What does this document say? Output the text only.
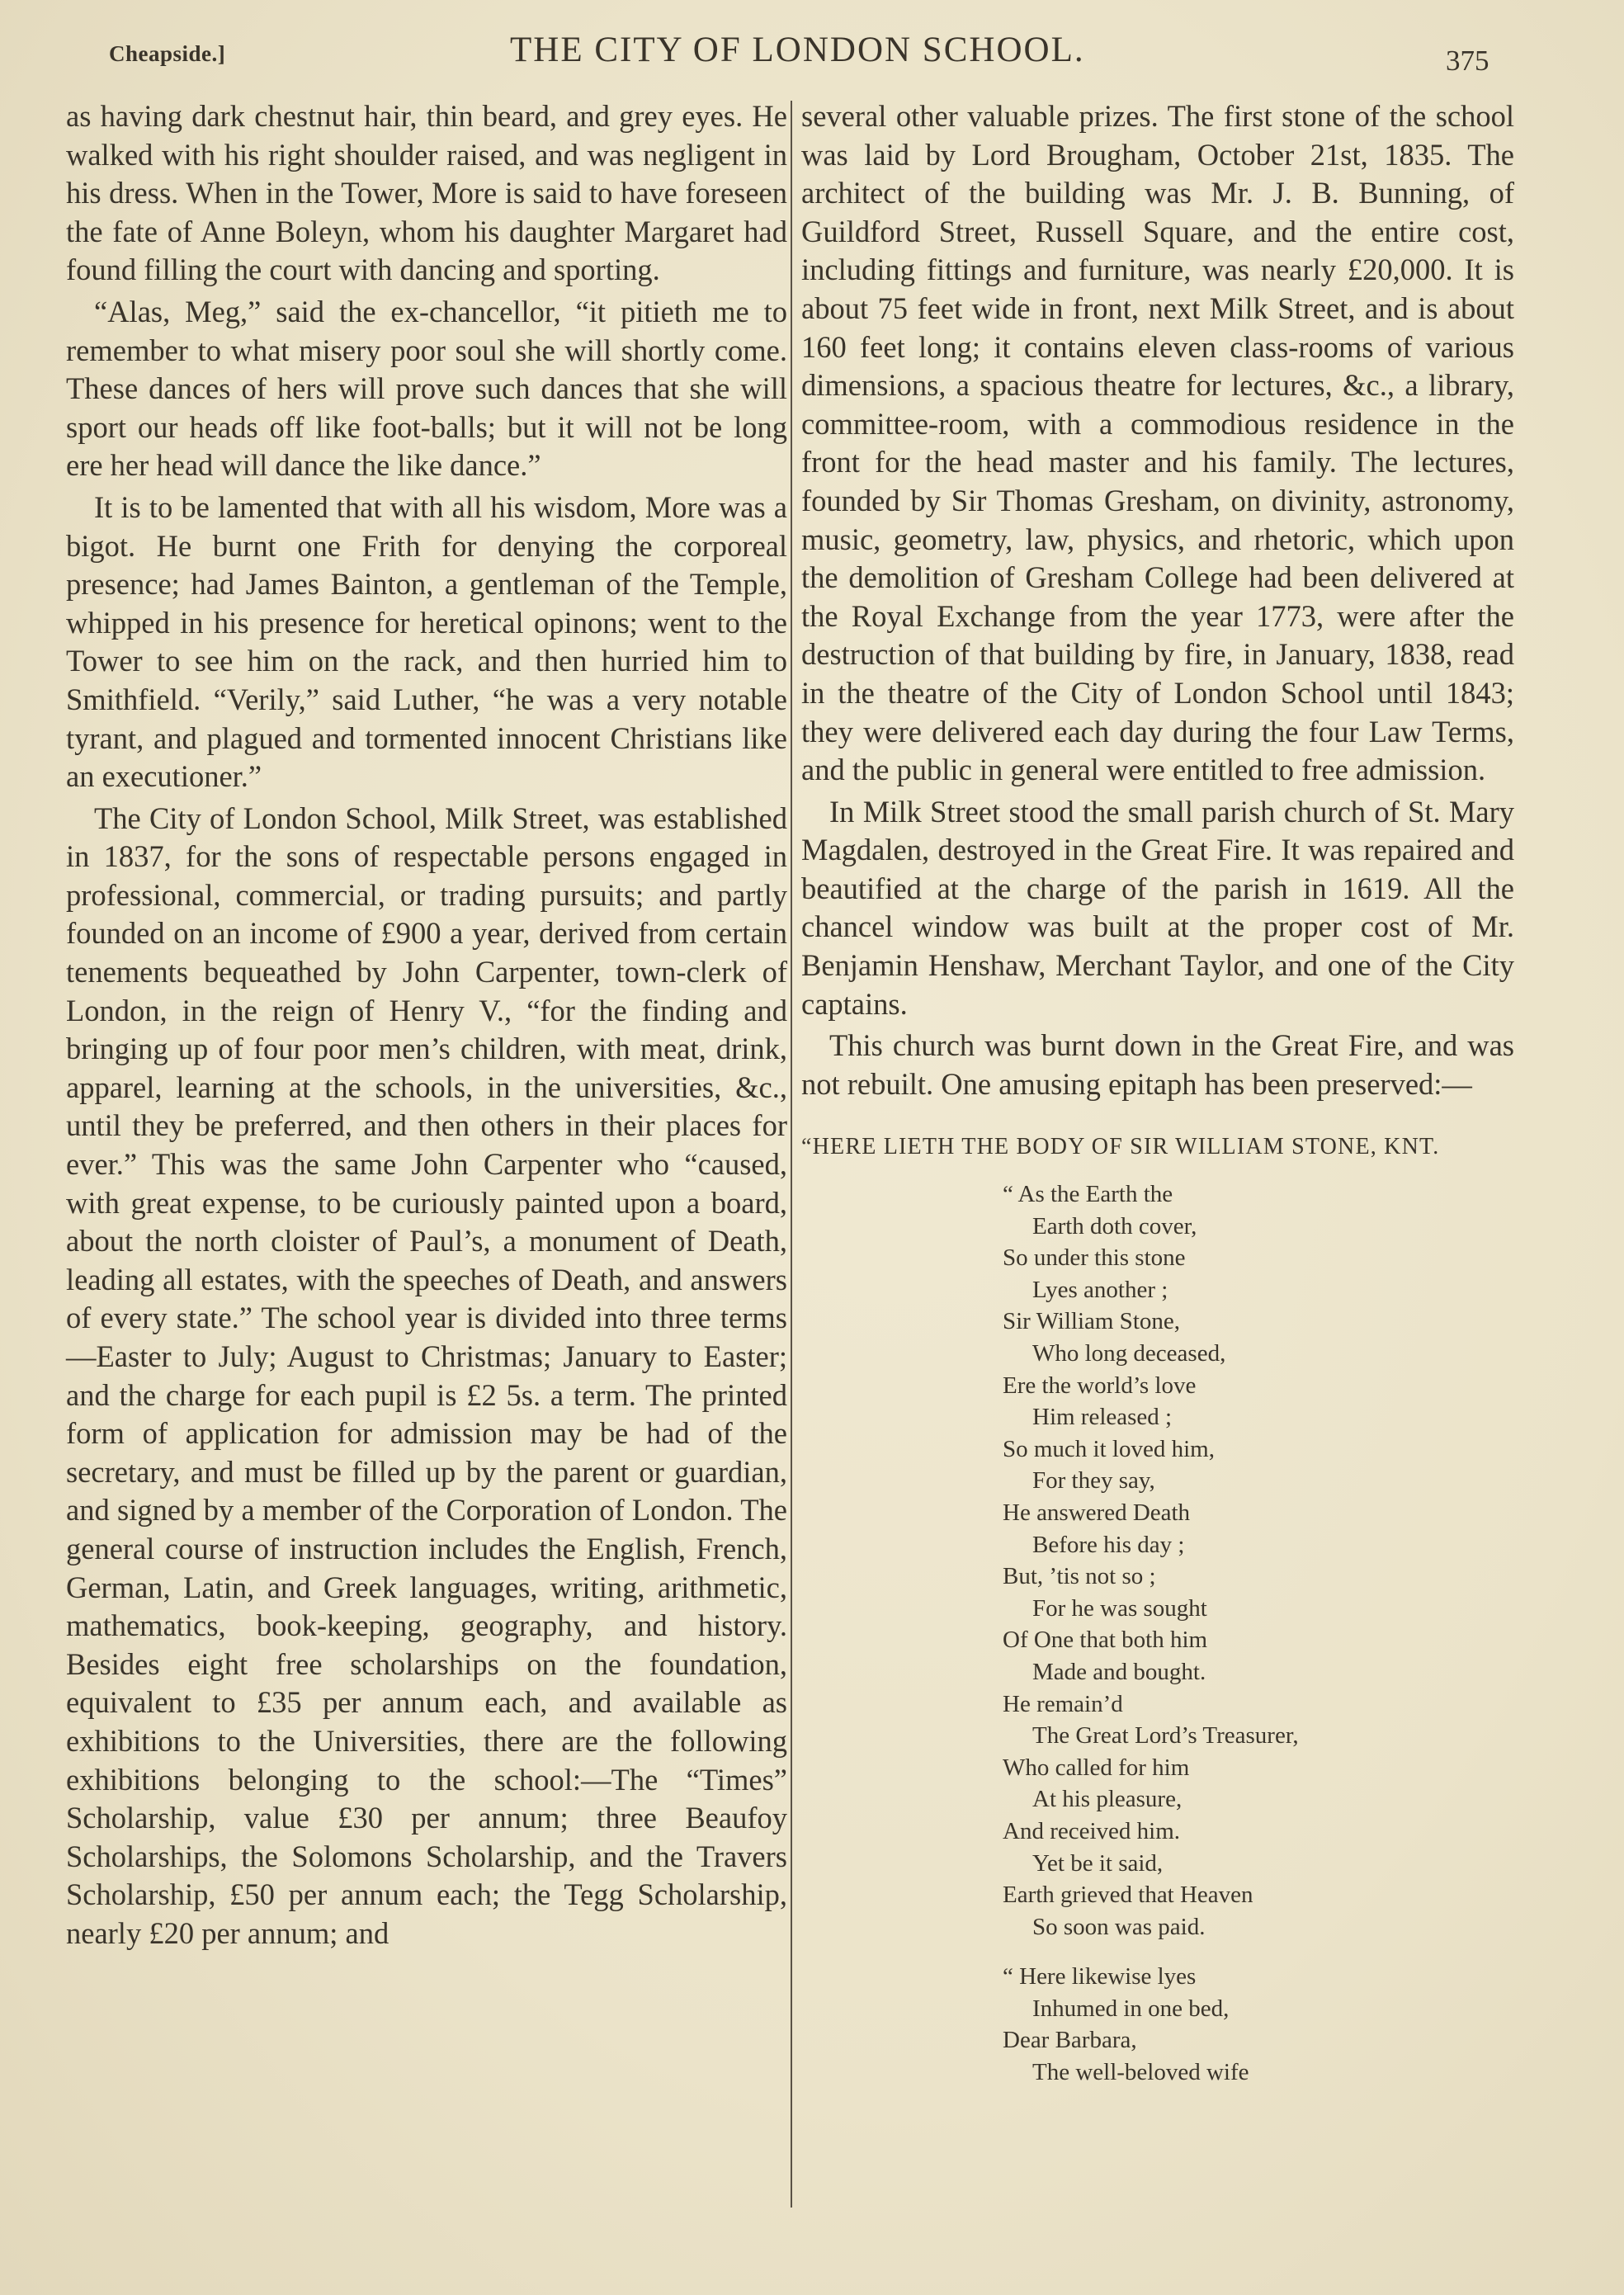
Cheapside.]	THE CITY OF LONDON SCHOOL.	375

as having dark chestnut hair, thin beard, and grey eyes. He walked with his right shoulder raised, and was negligent in his dress. When in the Tower, More is said to have foreseen the fate of Anne Boleyn, whom his daughter Margaret had found filling the court with dancing and sporting.

“Alas, Meg,” said the ex-chancellor, “it pitieth me to remember to what misery poor soul she will shortly come. These dances of hers will prove such dances that she will sport our heads off like foot-balls; but it will not be long ere her head will dance the like dance.”

It is to be lamented that with all his wisdom, More was a bigot. He burnt one Frith for denying the corporeal presence; had James Bainton, a gentleman of the Temple, whipped in his presence for heretical opinons; went to the Tower to see him on the rack, and then hurried him to Smithfield. “Verily,” said Luther, “he was a very notable tyrant, and plagued and tormented innocent Christians like an executioner.”

The City of London School, Milk Street, was established in 1837, for the sons of respectable persons engaged in professional, commercial, or trading pursuits; and partly founded on an income of £900 a year, derived from certain tenements bequeathed by John Carpenter, town-clerk of London, in the reign of Henry V., “for the finding and bringing up of four poor men’s children, with meat, drink, apparel, learning at the schools, in the universities, &c., until they be preferred, and then others in their places for ever.” This was the same John Carpenter who “caused, with great expense, to be curiously painted upon a board, about the north cloister of Paul’s, a monument of Death, leading all estates, with the speeches of Death, and answers of every state.” The school year is divided into three terms—Easter to July; August to Christmas; January to Easter; and the charge for each pupil is £2 5s. a term. The printed form of application for admission may be had of the secretary, and must be filled up by the parent or guardian, and signed by a member of the Corporation of London. The general course of instruction includes the English, French, German, Latin, and Greek languages, writing, arithmetic, mathematics, book-keeping, geography, and history. Besides eight free scholarships on the foundation, equivalent to £35 per annum each, and available as exhibitions to the Universities, there are the following exhibitions belonging to the school:—The “Times” Scholarship, value £30 per annum; three Beaufoy Scholarships, the Solomons Scholarship, and the Travers Scholarship, £50 per annum each; the Tegg Scholarship, nearly £20 per annum; and

several other valuable prizes. The first stone of the school was laid by Lord Brougham, October 21st, 1835. The architect of the building was Mr. J. B. Bunning, of Guildford Street, Russell Square, and the entire cost, including fittings and furniture, was nearly £20,000. It is about 75 feet wide in front, next Milk Street, and is about 160 feet long; it contains eleven class-rooms of various dimensions, a spacious theatre for lectures, &c., a library, committee-room, with a commodious residence in the front for the head master and his family. The lectures, founded by Sir Thomas Gresham, on divinity, astronomy, music, geometry, law, physics, and rhetoric, which upon the demolition of Gresham College had been delivered at the Royal Exchange from the year 1773, were after the destruction of that building by fire, in January, 1838, read in the theatre of the City of London School until 1843; they were delivered each day during the four Law Terms, and the public in general were entitled to free admission.

In Milk Street stood the small parish church of St. Mary Magdalen, destroyed in the Great Fire. It was repaired and beautified at the charge of the parish in 1619. All the chancel window was built at the proper cost of Mr. Benjamin Henshaw, Merchant Taylor, and one of the City captains.

This church was burnt down in the Great Fire, and was not rebuilt. One amusing epitaph has been preserved:—

“HERE LIETH THE BODY OF SIR WILLIAM STONE, KNT.

“ As the Earth the
Earth doth cover,
So under this stone
Lyes another ;
Sir William Stone,
Who long deceased,
Ere the world’s love
Him released ;
So much it loved him,
For they say,
He answered Death
Before his day ;
But, ’tis not so ;
For he was sought
Of One that both him
Made and bought.
He remain’d
The Great Lord’s Treasurer,
Who called for him
At his pleasure,
And received him.
Yet be it said,
Earth grieved that Heaven
So soon was paid.
“ Here likewise lyes
Inhumed in one bed,
Dear Barbara,
The well-beloved wife
